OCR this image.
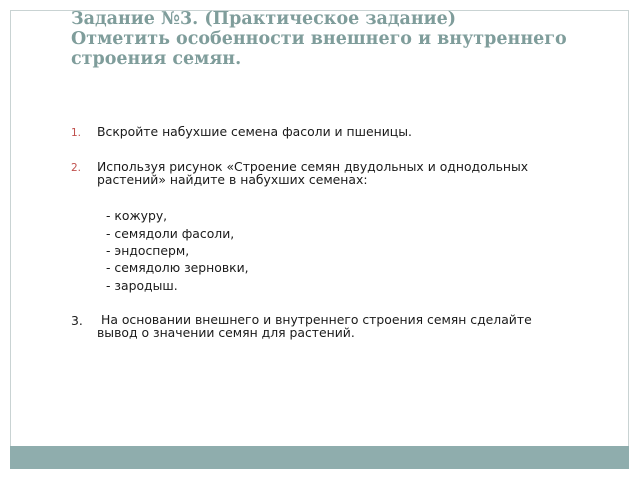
Задание №3. (Практическое задание)
Отметить особенности внешнего и внутреннего
строения семян.
1. Вскройте набухшие семена фасоли и пшеницы.
2. Используя рисунок «Строение семян двудольных и однодольных
растений» найдите в набухших семенах:
- кожуру,
- семядоли фасоли,
- эндосперм,
- семядолю зерновки,
- зародыш.
3. На основании внешнего и внутреннего строения семян сделайте
вывод о значении семян для растений.
